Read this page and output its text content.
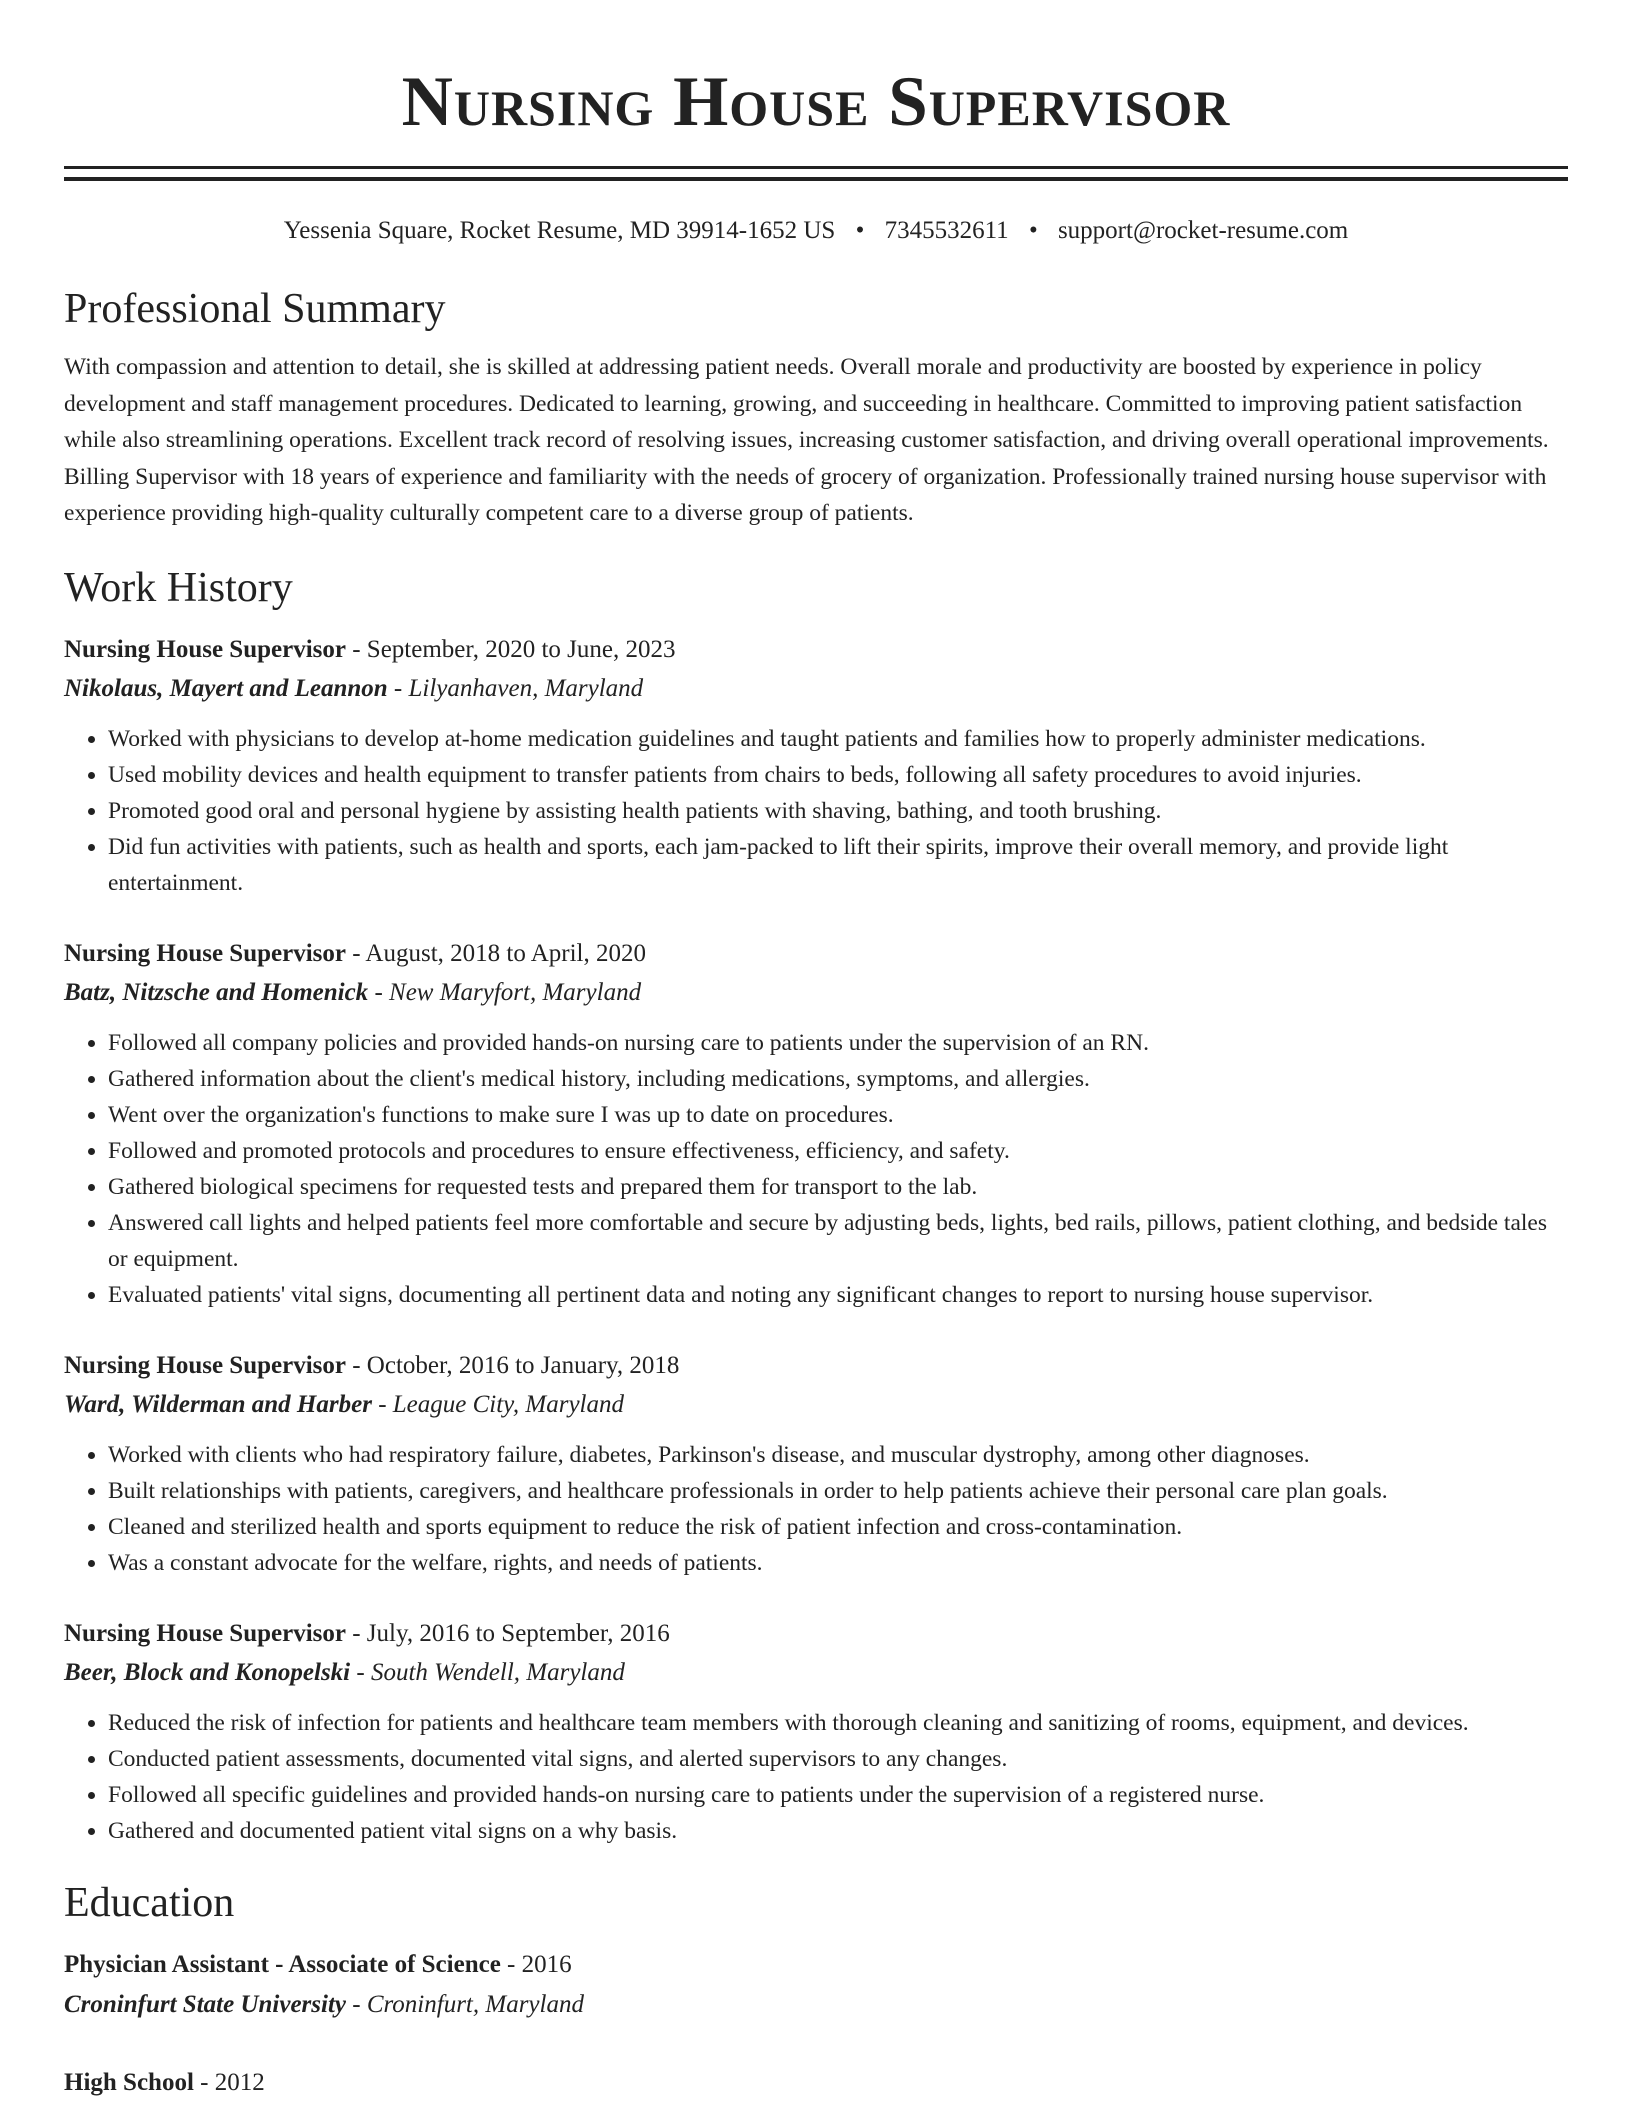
Nursing House Supervisor
Yessenia Square, Rocket Resume, MD 39914-1652 US • 7345532611 • support@rocket-resume.com
Professional Summary

With compassion and attention to detail, she is skilled at addressing patient needs. Overall morale and productivity are boosted by experience in policy development and staff management procedures. Dedicated to learning, growing, and succeeding in healthcare. Committed to improving patient satisfaction while also streamlining operations. Excellent track record of resolving issues, increasing customer satisfaction, and driving overall operational improvements. Billing Supervisor with 18 years of experience and familiarity with the needs of grocery of organization. Professionally trained nursing house supervisor with experience providing high-quality culturally competent care to a diverse group of patients.

Work History
Nursing House Supervisor - September, 2020 to June, 2023
Nikolaus, Mayert and Leannon - Lilyanhaven, Maryland
• Worked with physicians to develop at-home medication guidelines and taught patients and families how to properly administer medications.
• Used mobility devices and health equipment to transfer patients from chairs to beds, following all safety procedures to avoid injuries.
• Promoted good oral and personal hygiene by assisting health patients with shaving, bathing, and tooth brushing.
• Did fun activities with patients, such as health and sports, each jam-packed to lift their spirits, improve their overall memory, and provide light entertainment.
Nursing House Supervisor - August, 2018 to April, 2020
Batz, Nitzsche and Homenick - New Maryfort, Maryland
• Followed all company policies and provided hands-on nursing care to patients under the supervision of an RN.
• Gathered information about the client's medical history, including medications, symptoms, and allergies.
• Went over the organization's functions to make sure I was up to date on procedures.
• Followed and promoted protocols and procedures to ensure effectiveness, efficiency, and safety.
• Gathered biological specimens for requested tests and prepared them for transport to the lab.
• Answered call lights and helped patients feel more comfortable and secure by adjusting beds, lights, bed rails, pillows, patient clothing, and bedside tales or equipment.
• Evaluated patients' vital signs, documenting all pertinent data and noting any significant changes to report to nursing house supervisor.
Nursing House Supervisor - October, 2016 to January, 2018
Ward, Wilderman and Harber - League City, Maryland
• Worked with clients who had respiratory failure, diabetes, Parkinson's disease, and muscular dystrophy, among other diagnoses.
• Built relationships with patients, caregivers, and healthcare professionals in order to help patients achieve their personal care plan goals.
• Cleaned and sterilized health and sports equipment to reduce the risk of patient infection and cross-contamination.
• Was a constant advocate for the welfare, rights, and needs of patients.
Nursing House Supervisor - July, 2016 to September, 2016
Beer, Block and Konopelski - South Wendell, Maryland
• Reduced the risk of infection for patients and healthcare team members with thorough cleaning and sanitizing of rooms, equipment, and devices.
• Conducted patient assessments, documented vital signs, and alerted supervisors to any changes.
• Followed all specific guidelines and provided hands-on nursing care to patients under the supervision of a registered nurse.
• Gathered and documented patient vital signs on a why basis.
Education
Physician Assistant - Associate of Science - 2016
Croninfurt State University - Croninfurt, Maryland
High School - 2012
